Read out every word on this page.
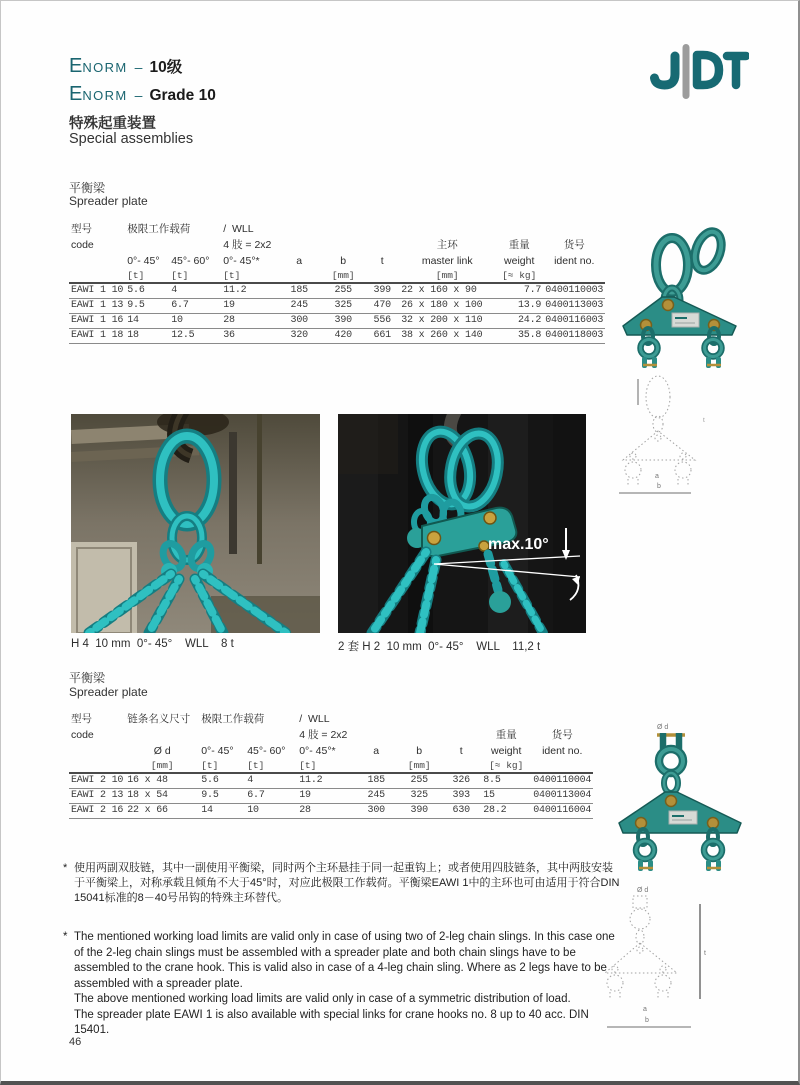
ENORM – 10级
ENORM – Grade 10
特殊起重装置
Special assemblies
平衡梁
Spreader plate
型号	极限工作载荷		/ WLL						
code			4 肢 = 2x2				主环	重量	货号
	0°- 45°	45°- 60°	0°- 45°*	a	b	t	master link	weight	ident no.
	[t]	[t]	[t]		[mm]		[mm]	[≈ kg]	
EAWI 1 10	5.6	4	11.2	185	255	399	22 x 160 x 90	7.7	0400110003
EAWI 1 13	9.5	6.7	19	245	325	470	26 x 180 x 100	13.9	0400113003
EAWI 1 16	14	10	28	300	390	556	32 x 200 x 110	24.2	0400116003
EAWI 1 18	18	12.5	36	320	420	661	38 x 260 x 140	35.8	0400118003
t
a
b
max.10°
H 4  10 mm  0°- 45°    WLL    8 t	2 套 H 2  10 mm  0°- 45°    WLL    11,2 t
平衡梁
Spreader plate
型号	链条名义尺寸	极限工作载荷		/ WLL					
code				4 肢 = 2x2				重量	货号
	Ø d	0°- 45°	45°- 60°	0°- 45°*	a	b	t	weight	ident no.
	[mm]	[t]	[t]	[t]		[mm]		[≈ kg]	
EAWI 2 10	16 x 48	5.6	4	11.2	185	255	326	8.5	0400110004
EAWI 2 13	18 x 54	9.5	6.7	19	245	325	393	15	0400113004
EAWI 2 16	22 x 66	14	10	28	300	390	630	28.2	0400116004
Ø d
Ø d
a
b
t
* 使用两副双肢链，其中一副使用平衡梁，同时两个主环悬挂于同一起重钩上；或者使用四肢链条，其中两肢安装于平衡梁上，对称承载且倾角不大于45°时，对应此极限工作载荷。平衡梁EAWI 1中的主环也可由适用于符合DIN 15041标准的8－40号吊钩的特殊主环替代。

* The mentioned working load limits are valid only in case of using two of 2-leg chain slings. In this case one of the 2-leg chain slings must be assembled with a spreader plate and both chain slings have to be assembled to the crane hook. This is valid also in case of a 4-leg chain sling. Where as 2 legs have to be assembled with a spreader plate.

The above mentioned working load limits are valid only in case of a symmetric distribution of load.

The spreader plate EAWI 1 is also available with special links for crane hooks no. 8 up to 40 acc. DIN 15401.

46
